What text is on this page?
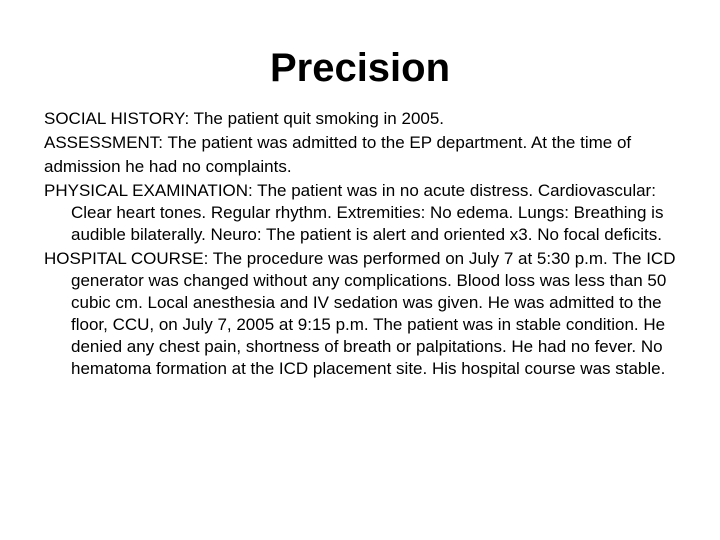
Precision

SOCIAL HISTORY: The patient quit smoking in 2005.

ASSESSMENT: The patient was admitted to the EP department. At the time of

admission he had no complaints.

PHYSICAL EXAMINATION: The patient was in no acute distress. Cardiovascular: Clear heart tones. Regular rhythm. Extremities: No edema. Lungs: Breathing is audible bilaterally. Neuro: The patient is alert and oriented x3. No focal deficits.

HOSPITAL COURSE: The procedure was performed on July 7 at 5:30 p.m. The ICD generator was changed without any complications. Blood loss was less than 50 cubic cm. Local anesthesia and IV sedation was given. He was admitted to the floor, CCU, on July 7, 2005 at 9:15 p.m. The patient was in stable condition. He denied any chest pain, shortness of breath or palpitations. He had no fever. No hematoma formation at the ICD placement site. His hospital course was stable.
